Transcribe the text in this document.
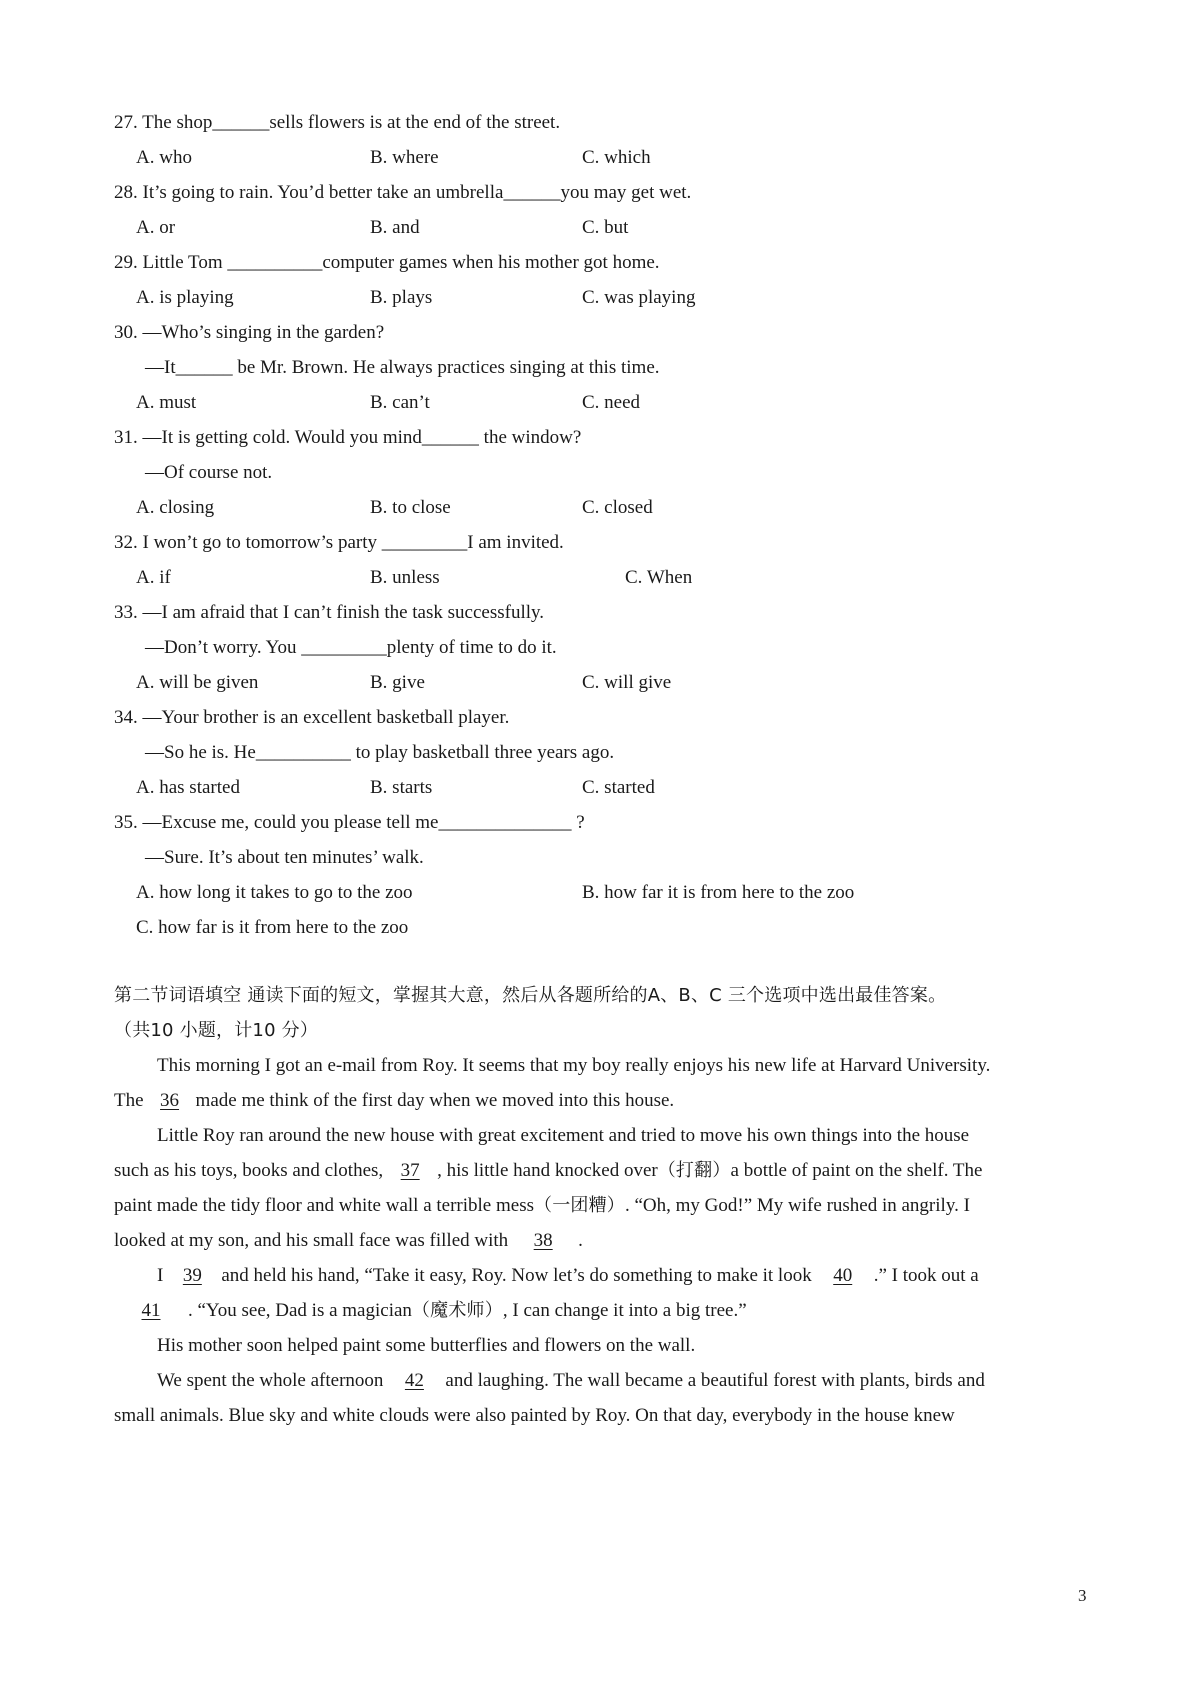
27. The shop______sells flowers is at the end of the street.
A. who	B. where	C. which
28. It’s going to rain. You’d better take an umbrella______you may get wet.
A. or	B. and	C. but
29. Little Tom __________computer games when his mother got home.
A. is playing	B. plays	C. was playing
30. —Who’s singing in the garden?
—It______ be Mr. Brown. He always practices singing at this time.
A. must	B. can’t	C. need
31. —It is getting cold. Would you mind______ the window?
—Of course not.
A. closing	B. to close	C. closed
32. I won’t go to tomorrow’s party _________I am invited.
A. if	B. unless	C. When
33. —I am afraid that I can’t finish the task successfully.
—Don’t worry. You _________plenty of time to do it.
A. will be given	B. give	C. will give
34. —Your brother is an excellent basketball player.
—So he is. He__________ to play basketball three years ago.
A. has started	B. starts	C. started
35. —Excuse me, could you please tell me______________ ?
—Sure. It’s about ten minutes’ walk.
A. how long it takes to go to the zoo	B. how far it is from here to the zoo
C. how far is it from here to the zoo
第二节词语填空 通读下面的短文，掌握其大意，然后从各题所给的A、B、C 三个选项中选出最佳答案。
（共10 小题，计10 分）
This morning I got an e-mail from Roy. It seems that my boy really enjoys his new life at Harvard University.
The 36 made me think of the first day when we moved into this house.
Little Roy ran around the new house with great excitement and tried to move his own things into the house
such as his toys, books and clothes, 37 , his little hand knocked over（打翻）a bottle of paint on the shelf. The
paint made the tidy floor and white wall a terrible mess（一团糟）. “Oh, my God!” My wife rushed in angrily. I
looked at my son, and his small face was filled with 38 .
I 39 and held his hand, “Take it easy, Roy. Now let’s do something to make it look 40 .” I took out a
41 . “You see, Dad is a magician（魔术师）, I can change it into a big tree.”
His mother soon helped paint some butterflies and flowers on the wall.
We spent the whole afternoon 42 and laughing. The wall became a beautiful forest with plants, birds and
small animals. Blue sky and white clouds were also painted by Roy. On that day, everybody in the house knew
3
